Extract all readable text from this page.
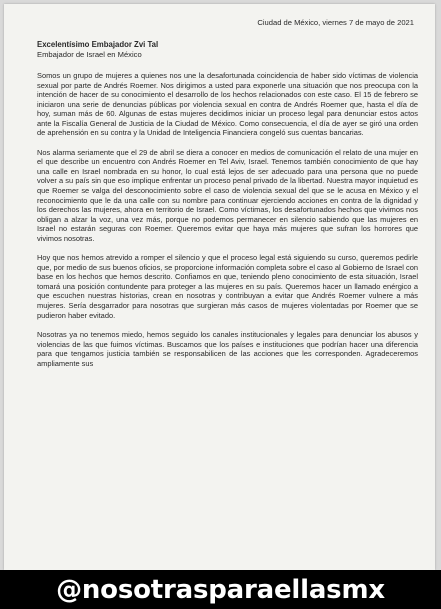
Ciudad de México, viernes 7 de mayo de 2021
Excelentísimo Embajador Zvi Tal
Embajador de Israel en México

Somos un grupo de mujeres a quienes nos une la desafortunada coincidencia de haber sido víctimas de violencia sexual por parte de Andrés Roemer. Nos dirigimos a usted para exponerle una situación que nos preocupa con la intención de hacer de su conocimiento el desarrollo de los hechos relacionados con este caso. El 15 de febrero se iniciaron una serie de denuncias públicas por violencia sexual en contra de Andrés Roemer que, hasta el día de hoy, suman más de 60. Algunas de estas mujeres decidimos iniciar un proceso legal para denunciar estos actos ante la Fiscalía General de Justicia de la Ciudad de México. Como consecuencia, el día de ayer se giró una orden de aprehensión en su contra y la Unidad de Inteligencia Financiera congeló sus cuentas bancarias.

Nos alarma seriamente que el 29 de abril se diera a conocer en medios de comunicación el relato de una mujer en el que describe un encuentro con Andrés Roemer en Tel Aviv, Israel. Tenemos también conocimiento de que hay una calle en Israel nombrada en su honor, lo cual está lejos de ser adecuado para una persona que no puede volver a su país sin que eso implique enfrentar un proceso penal privado de la libertad. Nuestra mayor inquietud es que Roemer se valga del desconocimiento sobre el caso de violencia sexual del que se le acusa en México y el reconocimiento que le da una calle con su nombre para continuar ejerciendo acciones en contra de la dignidad y los derechos las mujeres, ahora en territorio de Israel. Como víctimas, los desafortunados hechos que vivimos nos obligan a alzar la voz, una vez más, porque no podemos permanecer en silencio sabiendo que las mujeres en Israel no estarán seguras con Roemer. Queremos evitar que haya más mujeres que sufran los horrores que vivimos nosotras.

Hoy que nos hemos atrevido a romper el silencio y que el proceso legal está siguiendo su curso, queremos pedirle que, por medio de sus buenos oficios, se proporcione información completa sobre el caso al Gobierno de Israel con base en los hechos que hemos descrito. Confiamos en que, teniendo pleno conocimiento de esta situación, Israel tomará una posición contundente para proteger a las mujeres en su país. Queremos hacer un llamado enérgico a que escuchen nuestras historias, crean en nosotras y contribuyan a evitar que Andrés Roemer vulnere a más mujeres. Sería desgarrador para nosotras que surgieran más casos de mujeres violentadas por Roemer que se pudieron haber evitado.

Nosotras ya no tenemos miedo, hemos seguido los canales institucionales y legales para denunciar los abusos y violencias de las que fuimos víctimas. Buscamos que los países e instituciones que podrían hacer una diferencia para que tengamos justicia también se responsabilicen de las acciones que les corresponden. Agradeceremos ampliamente sus

@nosotrasparaellasmx
